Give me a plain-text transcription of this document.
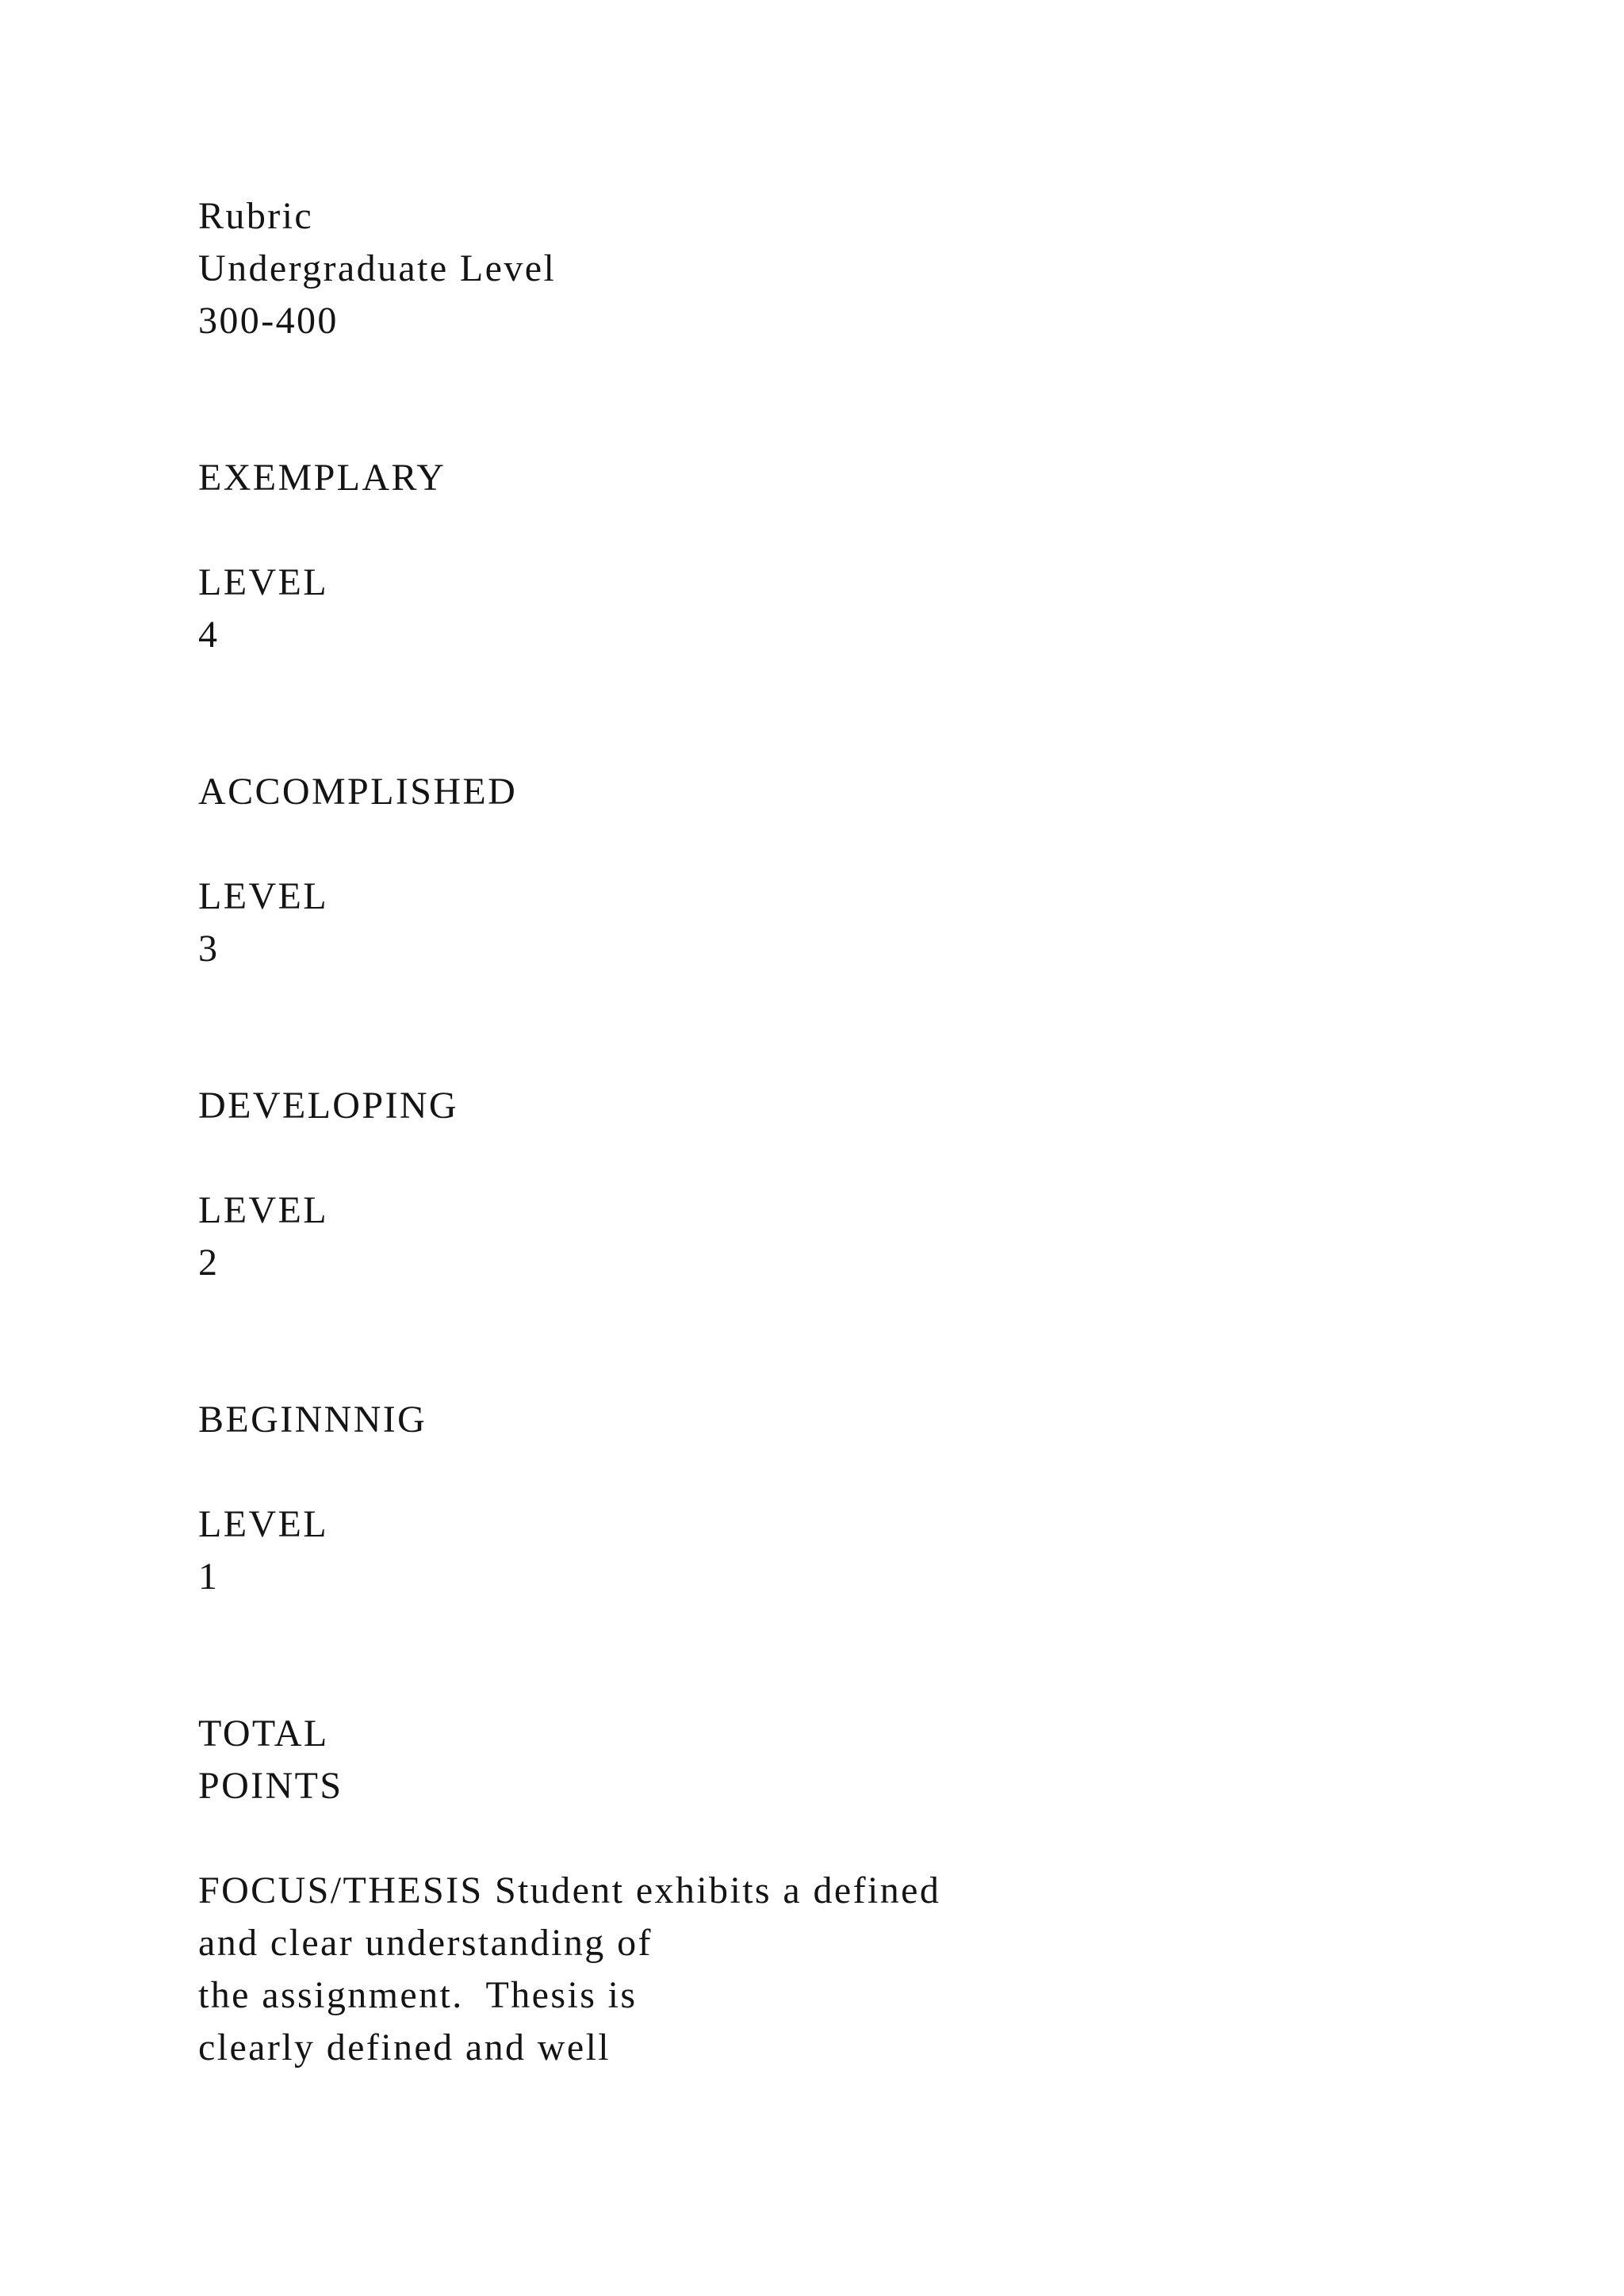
Rubric
Undergraduate Level
300-400
EXEMPLARY
LEVEL
4
ACCOMPLISHED
LEVEL
3
DEVELOPING
LEVEL
2
BEGINNNIG
LEVEL
1
TOTAL
POINTS
FOCUS/THESIS Student exhibits a defined
and clear understanding of
the assignment.  Thesis is
clearly defined and well
